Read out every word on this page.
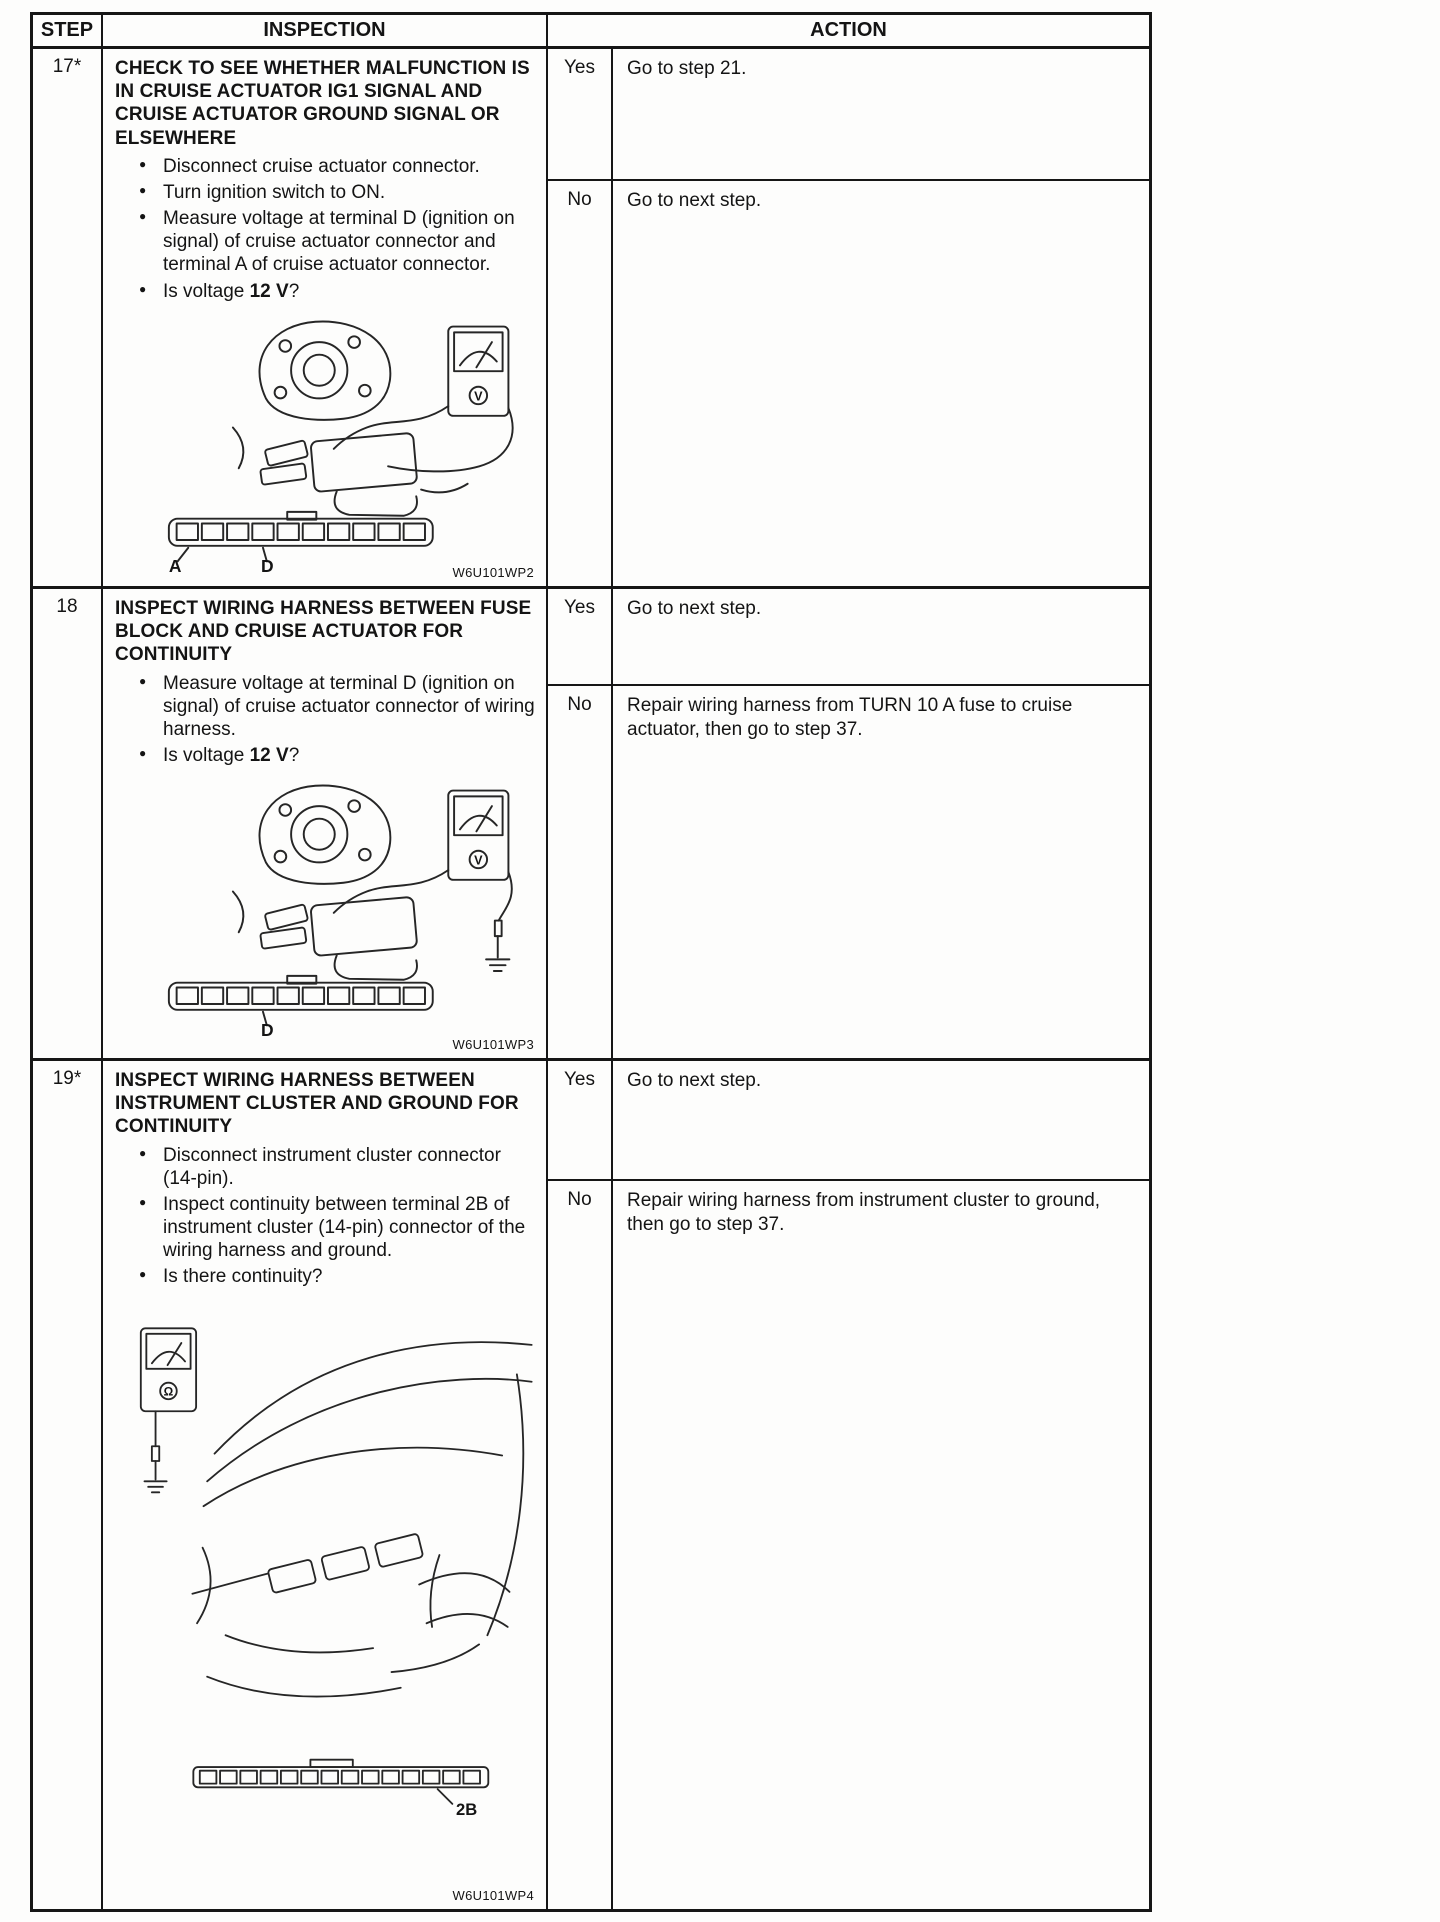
STEP	INSPECTION	ACTION
17*	CHECK TO SEE WHETHER MALFUNCTION IS IN CRUISE ACTUATOR IG1 SIGNAL AND CRUISE ACTUATOR GROUND SIGNAL OR ELSEWHERE
● Disconnect cruise actuator connector.
● Turn ignition switch to ON.
● Measure voltage at terminal D (ignition on signal) of cruise actuator connector and terminal A of cruise actuator connector.
● Is voltage 12 V?
V
A	D	W6U101WP2
Yes	Go to step 21.
No	Go to next step.
18	INSPECT WIRING HARNESS BETWEEN FUSE BLOCK AND CRUISE ACTUATOR FOR CONTINUITY
● Measure voltage at terminal D (ignition on signal) of cruise actuator connector of wiring harness.
● Is voltage 12 V?
V
D
W6U101WP3
Yes	Go to next step.
No	Repair wiring harness from TURN 10 A fuse to cruise actuator, then go to step 37.
19*	INSPECT WIRING HARNESS BETWEEN INSTRUMENT CLUSTER AND GROUND FOR CONTINUITY
● Disconnect instrument cluster connector (14-pin).
● Inspect continuity between terminal 2B of instrument cluster (14-pin) connector of the wiring harness and ground.
● Is there continuity?
Ω
2B
W6U101WP4
Yes	Go to next step.
No	Repair wiring harness from instrument cluster to ground, then go to step 37.
